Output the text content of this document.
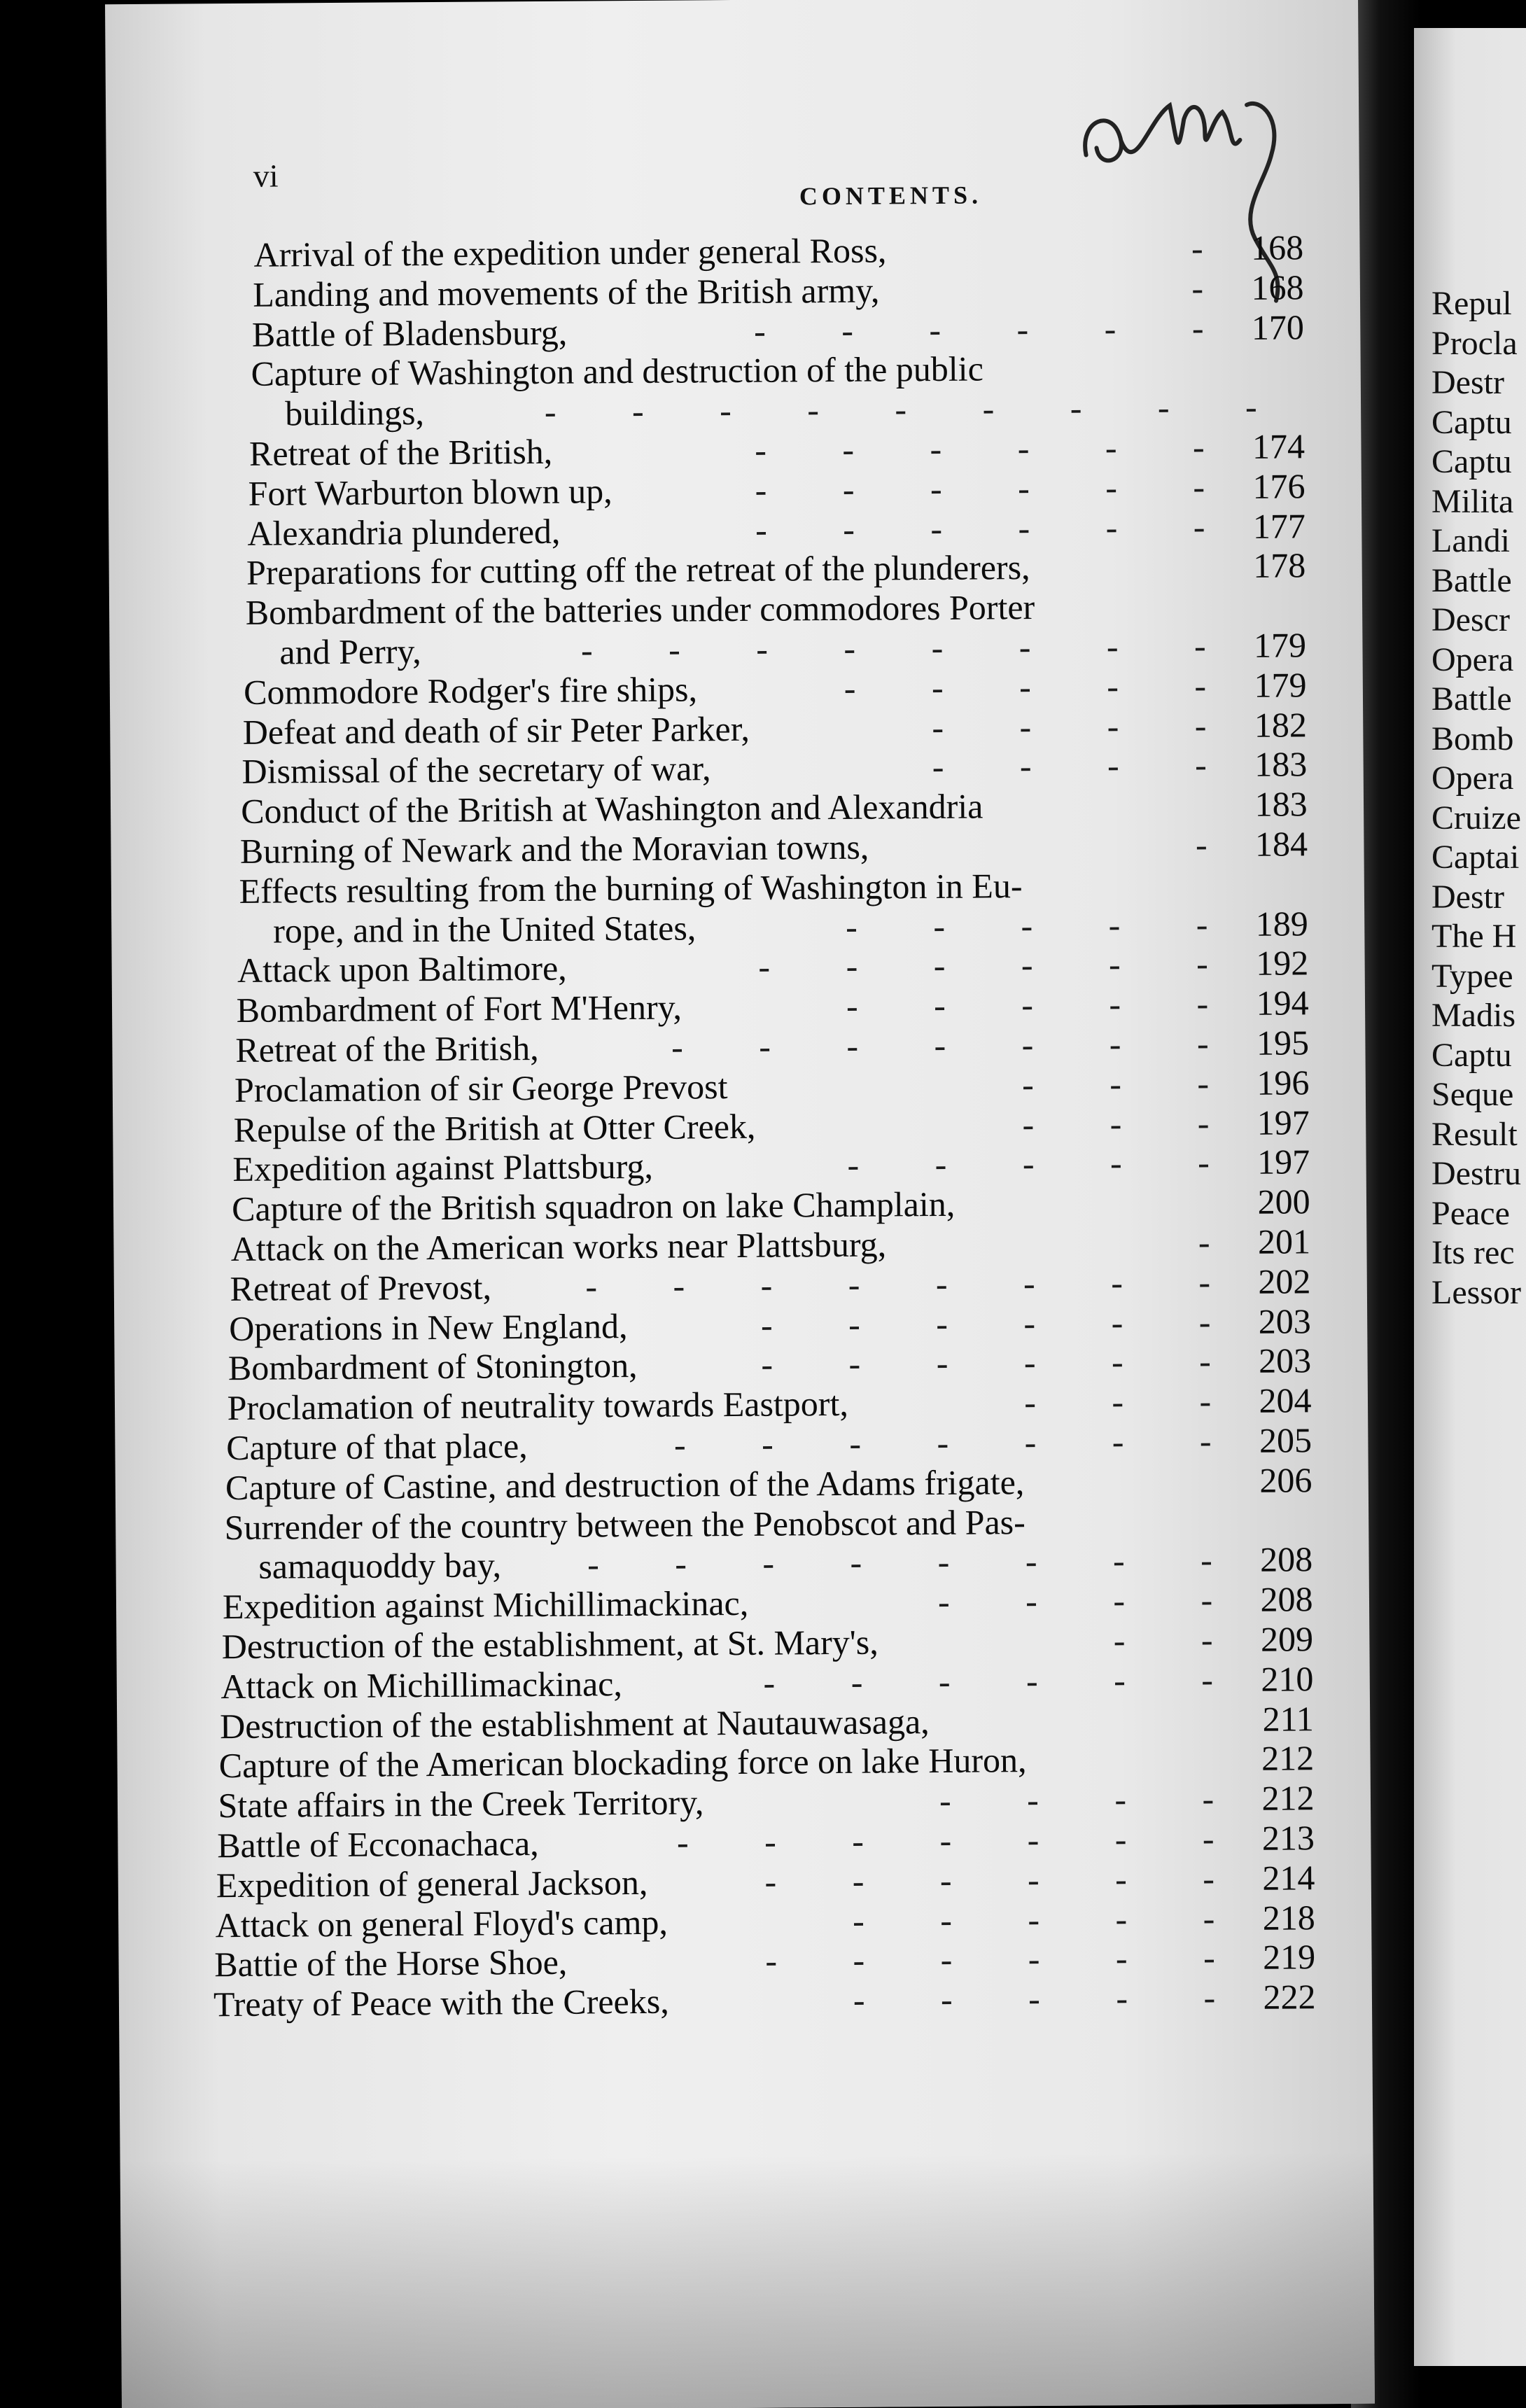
vi
CONTENTS.
Arrival of the expedition under general Ross,	- 168
Landing and movements of the British army,	- 168
Battle of Bladensburg,	- - - - - - 170
Capture of Washington and destruction of the public
buildings,	- - - - - - - - -
Retreat of the British,	- - - - - - 174
Fort Warburton blown up,	- - - - - - 176
Alexandria plundered,	- - - - - - 177
Preparations for cutting off the retreat of the plunderers,	178
Bombardment of the batteries under commodores Porter
and Perry,	- - - - - - - - 179
Commodore Rodger's fire ships,	- - - - - 179
Defeat and death of sir Peter Parker,	- - - - 182
Dismissal of the secretary of war,	- - - - 183
Conduct of the British at Washington and Alexandria	183
Burning of Newark and the Moravian towns,	- 184
Effects resulting from the burning of Washington in Eu-
rope, and in the United States,	- - - - - 189
Attack upon Baltimore,	- - - - - - 192
Bombardment of Fort M'Henry,	- - - - - 194
Retreat of the British,	- - - - - - - 195
Proclamation of sir George Prevost	- - - 196
Repulse of the British at Otter Creek,	- - - 197
Expedition against Plattsburg,	- - - - - 197
Capture of the British squadron on lake Champlain,	200
Attack on the American works near Plattsburg,	- 201
Retreat of Prevost,	- - - - - - - - 202
Operations in New England,	- - - - - - 203
Bombardment of Stonington,	- - - - - - 203
Proclamation of neutrality towards Eastport,	- - - 204
Capture of that place,	- - - - - - - 205
Capture of Castine, and destruction of the Adams frigate,	206
Surrender of the country between the Penobscot and Pas-
samaquoddy bay, - - - - - - - - 208
Expedition against Michillimackinac,	- - - - 208
Destruction of the establishment, at St. Mary's,	- - 209
Attack on Michillimackinac,	- - - - - - 210
Destruction of the establishment at Nautauwasaga,	211
Capture of the American blockading force on lake Huron,	212
State affairs in the Creek Territory,	- - - - 212
Battle of Ecconachaca,	- - - - - - - 213
Expedition of general Jackson,	- - - - - - 214
Attack on general Floyd's camp,	- - - - - 218
Battie of the Horse Shoe,	- - - - - - 219
Treaty of Peace with the Creeks,	- - - - - 222
Repul
Procla
Destr
Captu
Captu
Milita
Landi
Battle
Descr
Opera
Battle
Bomb
Opera
Cruize
Captai
Destr
The H
Typee
Madis
Captu
Seque
Result
Destru
Peace
Its rec
Lessor
